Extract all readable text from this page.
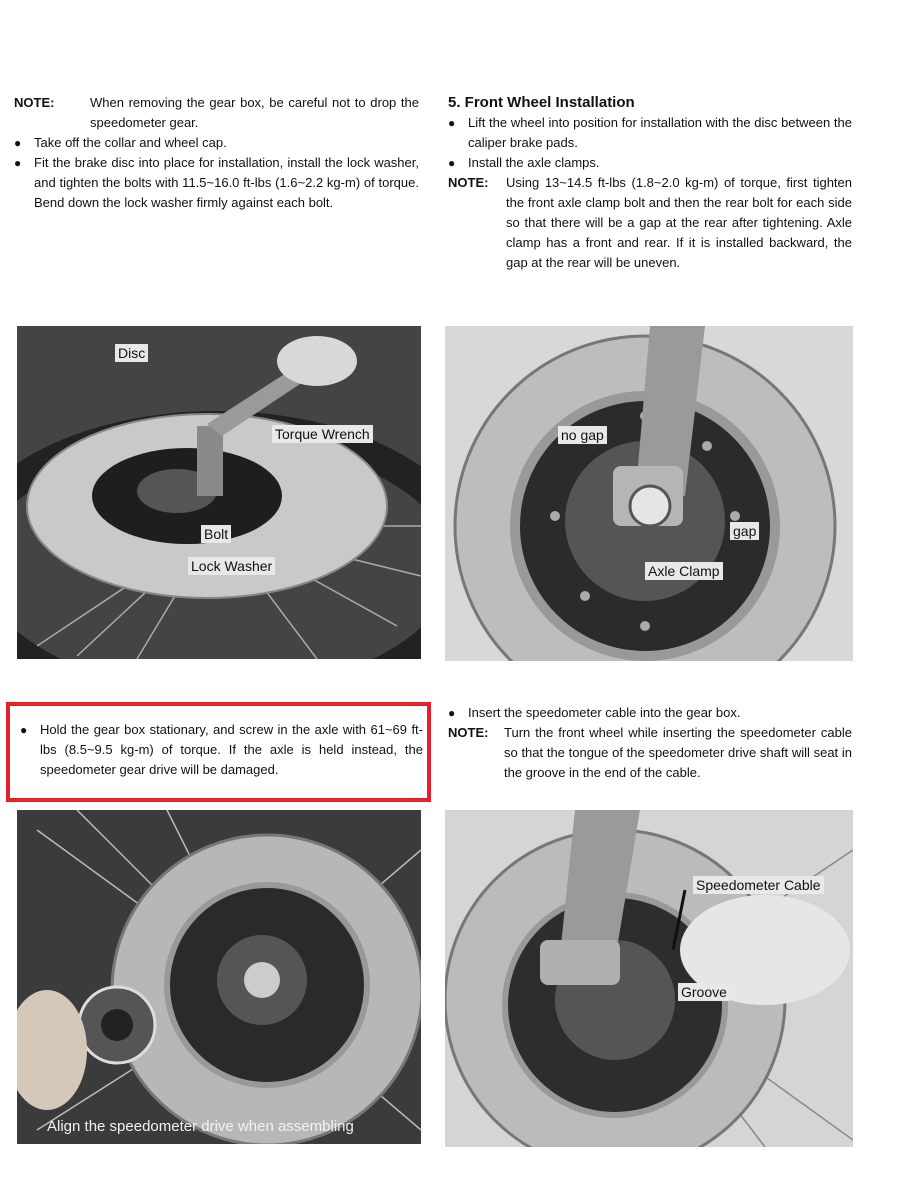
NOTE:	When removing the gear box, be careful not to drop the speedometer gear.
● Take off the collar and wheel cap.
● Fit the brake disc into place for installation, install the lock washer, and tighten the bolts with 11.5~16.0 ft-lbs (1.6~2.2 kg-m) of torque. Bend down the lock washer firmly against each bolt.
5. Front Wheel Installation
● Lift the wheel into position for installation with the disc between the caliper brake pads.
● Install the axle clamps.
NOTE:	Using 13~14.5 ft-lbs (1.8~2.0 kg-m) of torque, first tighten the front axle clamp bolt and then the rear bolt for each side so that there will be a gap at the rear after tightening. Axle clamp has a front and rear. If it is installed backward, the gap at the rear will be uneven.
Disc
Torque Wrench
Bolt
Lock Washer
no gap
gap
Axle Clamp
● Hold the gear box stationary, and screw in the axle with 61~69 ft-lbs (8.5~9.5 kg-m) of torque. If the axle is held instead, the speedometer gear drive will be damaged.
● Insert the speedometer cable into the gear box.
NOTE:	Turn the front wheel while inserting the speedometer cable so that the tongue of the speedometer drive shaft will seat in the groove in the end of the cable.
Align the speedometer drive when assembling
Speedometer Cable
Groove
